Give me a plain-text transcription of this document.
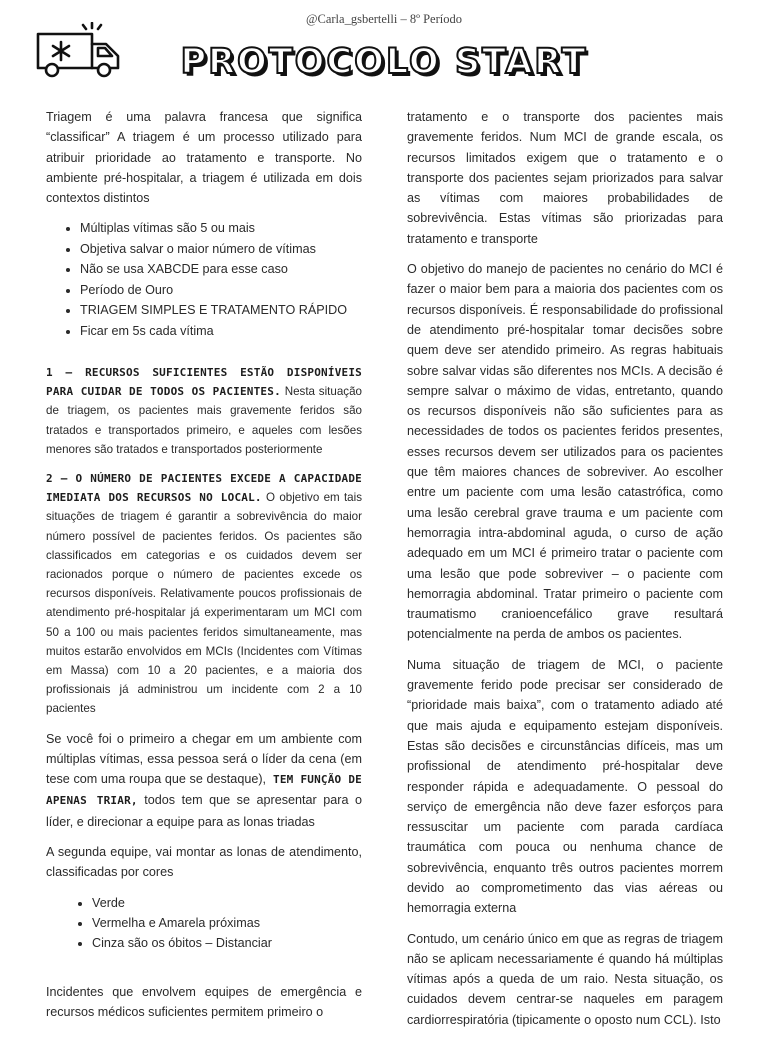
@Carla_gsbertelli – 8º Período
PROTOCOLO START

Triagem é uma palavra francesa que significa “classificar” A triagem é um processo utilizado para atribuir prioridade ao tratamento e transporte. No ambiente pré-hospitalar, a triagem é utilizada em dois contextos distintos

• Múltiplas vítimas são 5 ou mais
• Objetiva salvar o maior número de vítimas
• Não se usa XABCDE para esse caso
• Período de Ouro
• TRIAGEM SIMPLES E TRATAMENTO RÁPIDO
• Ficar em 5s cada vítima

1 – RECURSOS SUFICIENTES ESTÃO DISPONÍVEIS PARA CUIDAR DE TODOS OS PACIENTES. Nesta situação de triagem, os pacientes mais gravemente feridos são tratados e transportados primeiro, e aqueles com lesões menores são tratados e transportados posteriormente

2 – O NÚMERO DE PACIENTES EXCEDE A CAPACIDADE IMEDIATA DOS RECURSOS NO LOCAL. O objetivo em tais situações de triagem é garantir a sobrevivência do maior número possível de pacientes feridos. Os pacientes são classificados em categorias e os cuidados devem ser racionados porque o número de pacientes excede os recursos disponíveis. Relativamente poucos profissionais de atendimento pré-hospitalar já experimentaram um MCI com 50 a 100 ou mais pacientes feridos simultaneamente, mas muitos estarão envolvidos em MCIs (Incidentes com Vítimas em Massa) com 10 a 20 pacientes, e a maioria dos profissionais já administrou um incidente com 2 a 10 pacientes

Se você foi o primeiro a chegar em um ambiente com múltiplas vítimas, essa pessoa será o líder da cena (em tese com uma roupa que se destaque), TEM FUNÇÃO DE APENAS TRIAR, todos tem que se apresentar para o líder, e direcionar a equipe para as lonas triadas

A segunda equipe, vai montar as lonas de atendimento, classificadas por cores

• Verde
• Vermelha e Amarela próximas
• Cinza são os óbitos – Distanciar

Incidentes que envolvem equipes de emergência e recursos médicos suficientes permitem primeiro o

tratamento e o transporte dos pacientes mais gravemente feridos. Num MCI de grande escala, os recursos limitados exigem que o tratamento e o transporte dos pacientes sejam priorizados para salvar as vítimas com maiores probabilidades de sobrevivência. Estas vítimas são priorizadas para tratamento e transporte

O objetivo do manejo de pacientes no cenário do MCI é fazer o maior bem para a maioria dos pacientes com os recursos disponíveis. É responsabilidade do profissional de atendimento pré-hospitalar tomar decisões sobre quem deve ser atendido primeiro. As regras habituais sobre salvar vidas são diferentes nos MCIs. A decisão é sempre salvar o máximo de vidas, entretanto, quando os recursos disponíveis não são suficientes para as necessidades de todos os pacientes feridos presentes, esses recursos devem ser utilizados para os pacientes que têm maiores chances de sobreviver. Ao escolher entre um paciente com uma lesão catastrófica, como uma lesão cerebral grave trauma e um paciente com hemorragia intra-abdominal aguda, o curso de ação adequado em um MCI é primeiro tratar o paciente com uma lesão que pode sobreviver – o paciente com hemorragia abdominal. Tratar primeiro o paciente com traumatismo cranioencefálico grave resultará potencialmente na perda de ambos os pacientes.

Numa situação de triagem de MCI, o paciente gravemente ferido pode precisar ser considerado de “prioridade mais baixa”, com o tratamento adiado até que mais ajuda e equipamento estejam disponíveis. Estas são decisões e circunstâncias difíceis, mas um profissional de atendimento pré-hospitalar deve responder rápida e adequadamente. O pessoal do serviço de emergência não deve fazer esforços para ressuscitar um paciente com parada cardíaca traumática com pouca ou nenhuma chance de sobrevivência, enquanto três outros pacientes morrem devido ao comprometimento das vias aéreas ou hemorragia externa

Contudo, um cenário único em que as regras de triagem não se aplicam necessariamente é quando há múltiplas vítimas após a queda de um raio. Nesta situação, os cuidados devem centrar-se naqueles em paragem cardiorrespiratória (tipicamente o oposto num CCL). Isto
